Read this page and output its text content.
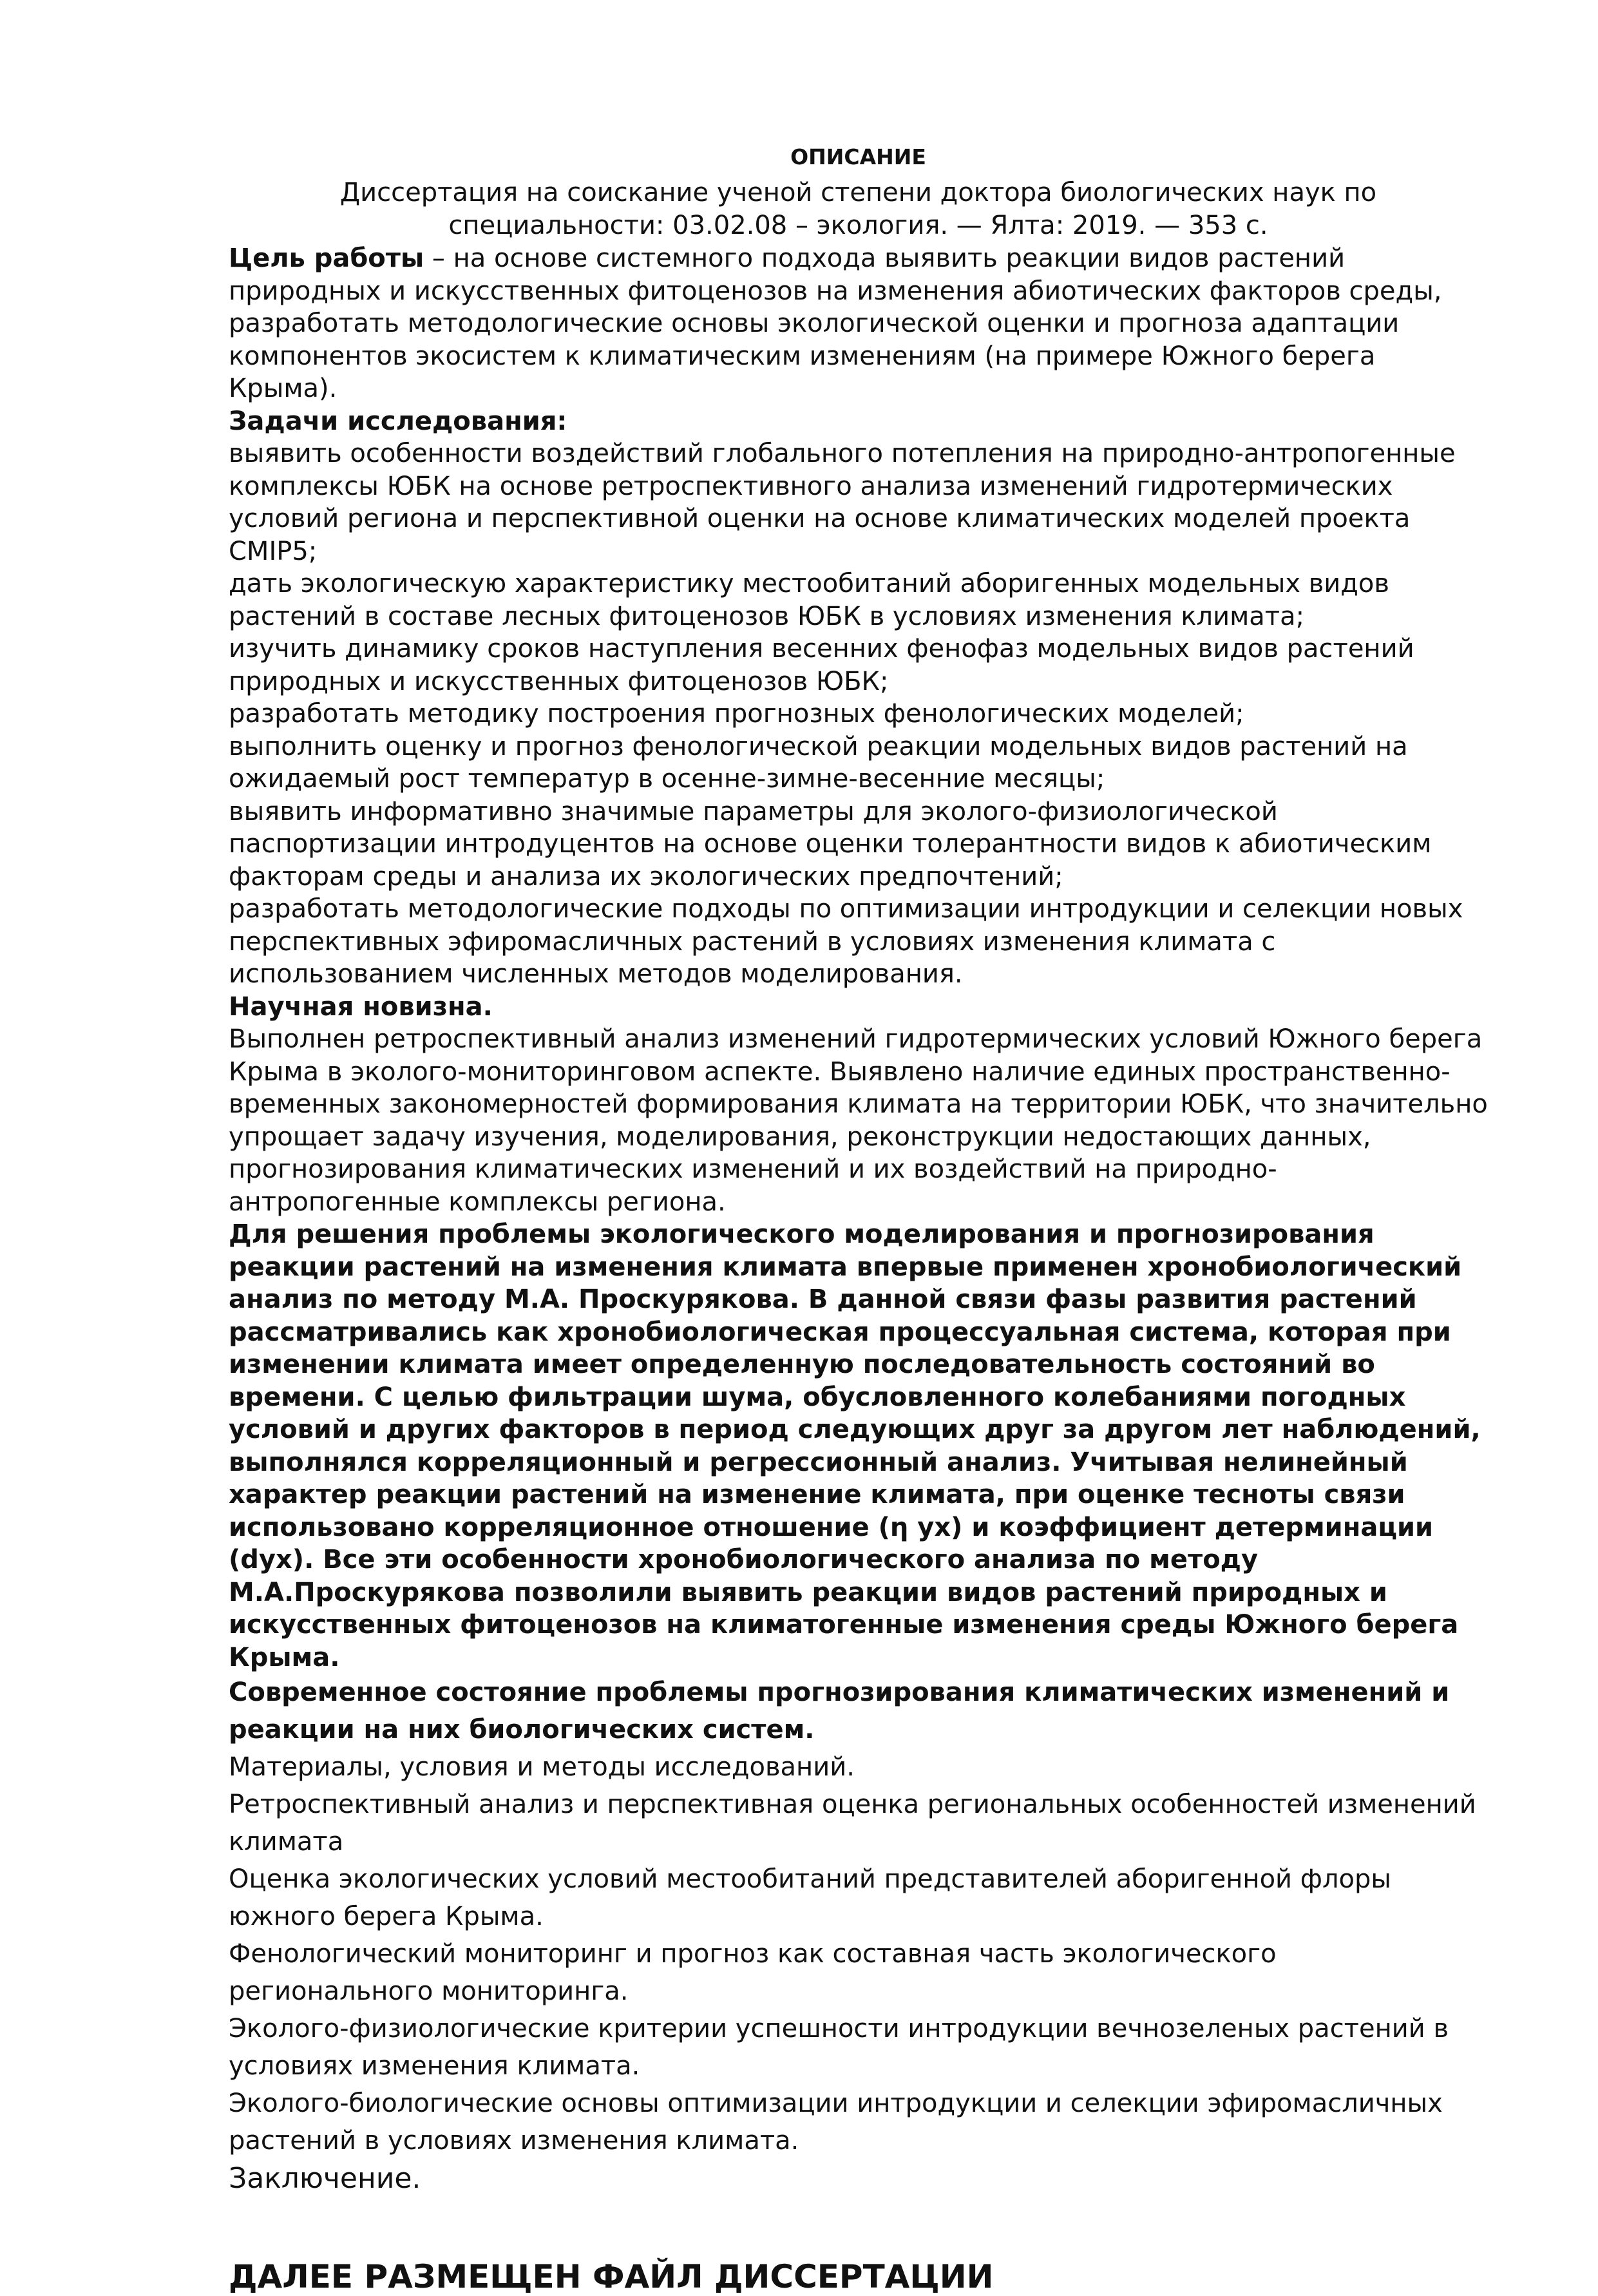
ОПИСАНИЕ

Диссертация на соискание ученой степени доктора биологических наук по специальности: 03.02.08 – экология. — Ялта: 2019. — 353 с.

Цель работы – на основе системного подхода выявить реакции видов растений природных и искусственных фитоценозов на изменения абиотических факторов среды, разработать методологические основы экологической оценки и прогноза адаптации компонентов экосистем к климатическим изменениям (на примере Южного берега Крыма).

Задачи исследования:

выявить особенности воздействий глобального потепления на природно-антропогенные комплексы ЮБК на основе ретроспективного анализа изменений гидротермических условий региона и перспективной оценки на основе климатических моделей проекта CMIP5;

дать экологическую характеристику местообитаний аборигенных модельных видов растений в составе лесных фитоценозов ЮБК в условиях изменения климата;

изучить динамику сроков наступления весенних фенофаз модельных видов растений природных и искусственных фитоценозов ЮБК;

разработать методику построения прогнозных фенологических моделей;

выполнить оценку и прогноз фенологической реакции модельных видов растений на ожидаемый рост температур в осенне-зимне-весенние месяцы;

выявить информативно значимые параметры для эколого-физиологической паспортизации интродуцентов на основе оценки толерантности видов к абиотическим факторам среды и анализа их экологических предпочтений;

разработать методологические подходы по оптимизации интродукции и селекции новых перспективных эфиромасличных растений в условиях изменения климата с использованием численных методов моделирования.

Научная новизна.

Выполнен ретроспективный анализ изменений гидротермических условий Южного берега Крыма в эколого-мониторинговом аспекте. Выявлено наличие единых пространственно-временных закономерностей формирования климата на территории ЮБК, что значительно упрощает задачу изучения, моделирования, реконструкции недостающих данных, прогнозирования климатических изменений и их воздействий на природно-антропогенные комплексы региона.

Для решения проблемы экологического моделирования и прогнозирования реакции растений на изменения климата впервые применен хронобиологический анализ по методу М.А. Проскурякова. В данной связи фазы развития растений рассматривались как хронобиологическая процессуальная система, которая при изменении климата имеет определенную последовательность состояний во времени. С целью фильтрации шума, обусловленного колебаниями погодных условий и других факторов в период следующих друг за другом лет наблюдений, выполнялся корреляционный и регрессионный анализ. Учитывая нелинейный характер реакции растений на изменение климата, при оценке тесноты связи использовано корреляционное отношение (η yx) и коэффициент детерминации (dyx). Все эти особенности хронобиологического анализа по методу М.А.Проскурякова позволили выявить реакции видов растений природных и искусственных фитоценозов на климатогенные изменения среды Южного берега Крыма.

Современное состояние проблемы прогнозирования климатических изменений и реакции на них биологических систем.

Материалы, условия и методы исследований.

Ретроспективный анализ и перспективная оценка региональных особенностей изменений климата

Оценка экологических условий местообитаний представителей аборигенной флоры южного берега Крыма.

Фенологический мониторинг и прогноз как составная часть экологического регионального мониторинга.

Эколого-физиологические критерии успешности интродукции вечнозеленых растений в условиях изменения климата.

Эколого-биологические основы оптимизации интродукции и селекции эфиромасличных растений в условиях изменения климата.

Заключение.

ДАЛЕЕ РАЗМЕЩЕН ФАЙЛ ДИССЕРТАЦИИ
